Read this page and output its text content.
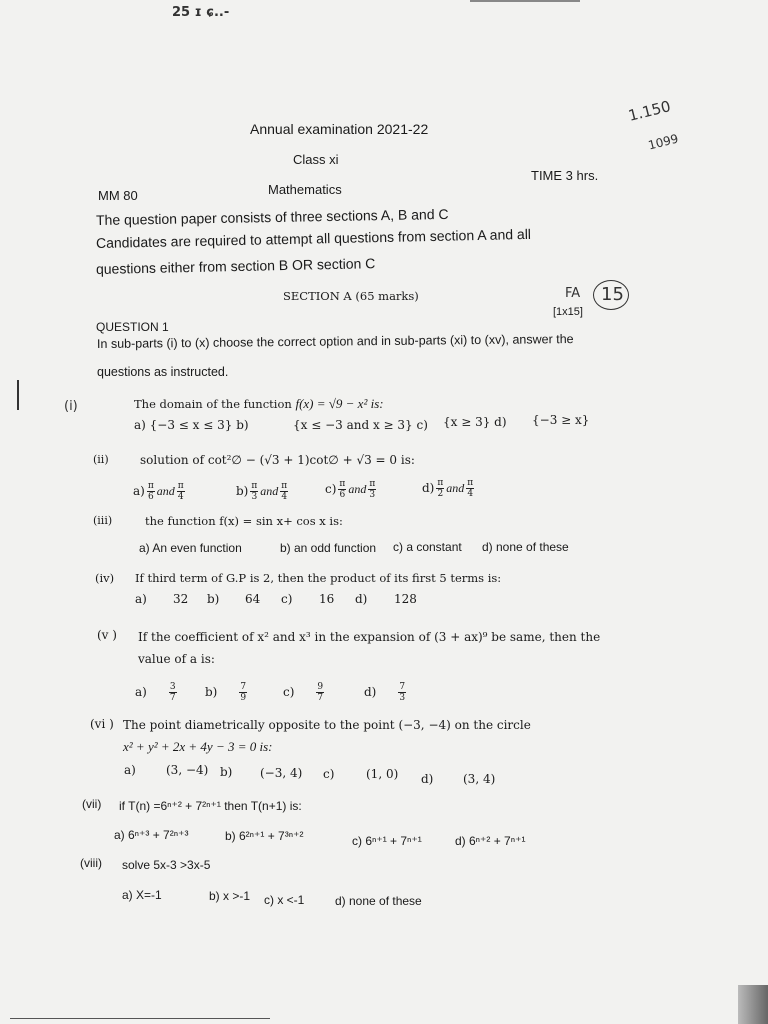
25 ɪ ɕ..-
1.150
1099
FA 15
Annual examination 2021-22
Class xi
MM 80	Mathematics
TIME 3 hrs.
The question paper consists of three sections A, B and C
Candidates are required to attempt all questions from section A and all
questions either from section B OR section C
SECTION A (65 marks)
[1x15]
QUESTION 1
In sub-parts (i) to (x) choose the correct option and in sub-parts (xi) to (xv), answer the
questions as instructed.
(i)	The domain of the function f(x) = √9 − x² is:
a) {−3 ≤ x ≤ 3} b)	{x ≤ −3 and x ≥ 3} c) {x ≥ 3} d) {−3 ≥ x}
(ii)	solution of cot²∅ − (√3 + 1)cot∅ + √3 = 0 is:
$a) \frac{\pi}{6}$ and $\frac{\pi}{4}$	$b) \frac{\pi}{3}$ and $\frac{\pi}{4}$	$c) \frac{\pi}{6}$ and $\frac{\pi}{3}$	$d) \frac{\pi}{2}$ and $\frac{\pi}{4}$
(iii)	the function f(x) = sin x+ cos x is:
a) An even function	b) an odd function c) a constant d) none of these
(iv) If third term of G.P is 2, then the product of its first 5 terms is:
a) 32 b) 64 c) 16 d) 128
(v ) If the coefficient of x² and x³ in the expansion of (3 + ax)⁹ be same, then the
value of a is:
$a) \frac{3}{7} b) \frac{7}{9}$	$c) \frac{9}{7}$	$d) \frac{7}{3}$
(vi ) The point diametrically opposite to the point (−3, −4) on the circle
x² + y² + 2x + 4y − 3 = 0 is:
a)	(3, −4) b) (−3, 4) c)	(1, 0) d) (3, 4)
(vii) if T(n) =6ⁿ⁺² + 7²ⁿ⁺¹ then T(n+1) is:
a) 6ⁿ⁺³ + 7²ⁿ⁺³	b) 6²ⁿ⁺¹ + 7³ⁿ⁺²	c) 6ⁿ⁺¹ + 7ⁿ⁺¹	d) 6ⁿ⁺² + 7ⁿ⁺¹
(viii) solve 5x-3 >3x-5
a) X=-1	b) x >-1 c) x <-1	d) none of these
